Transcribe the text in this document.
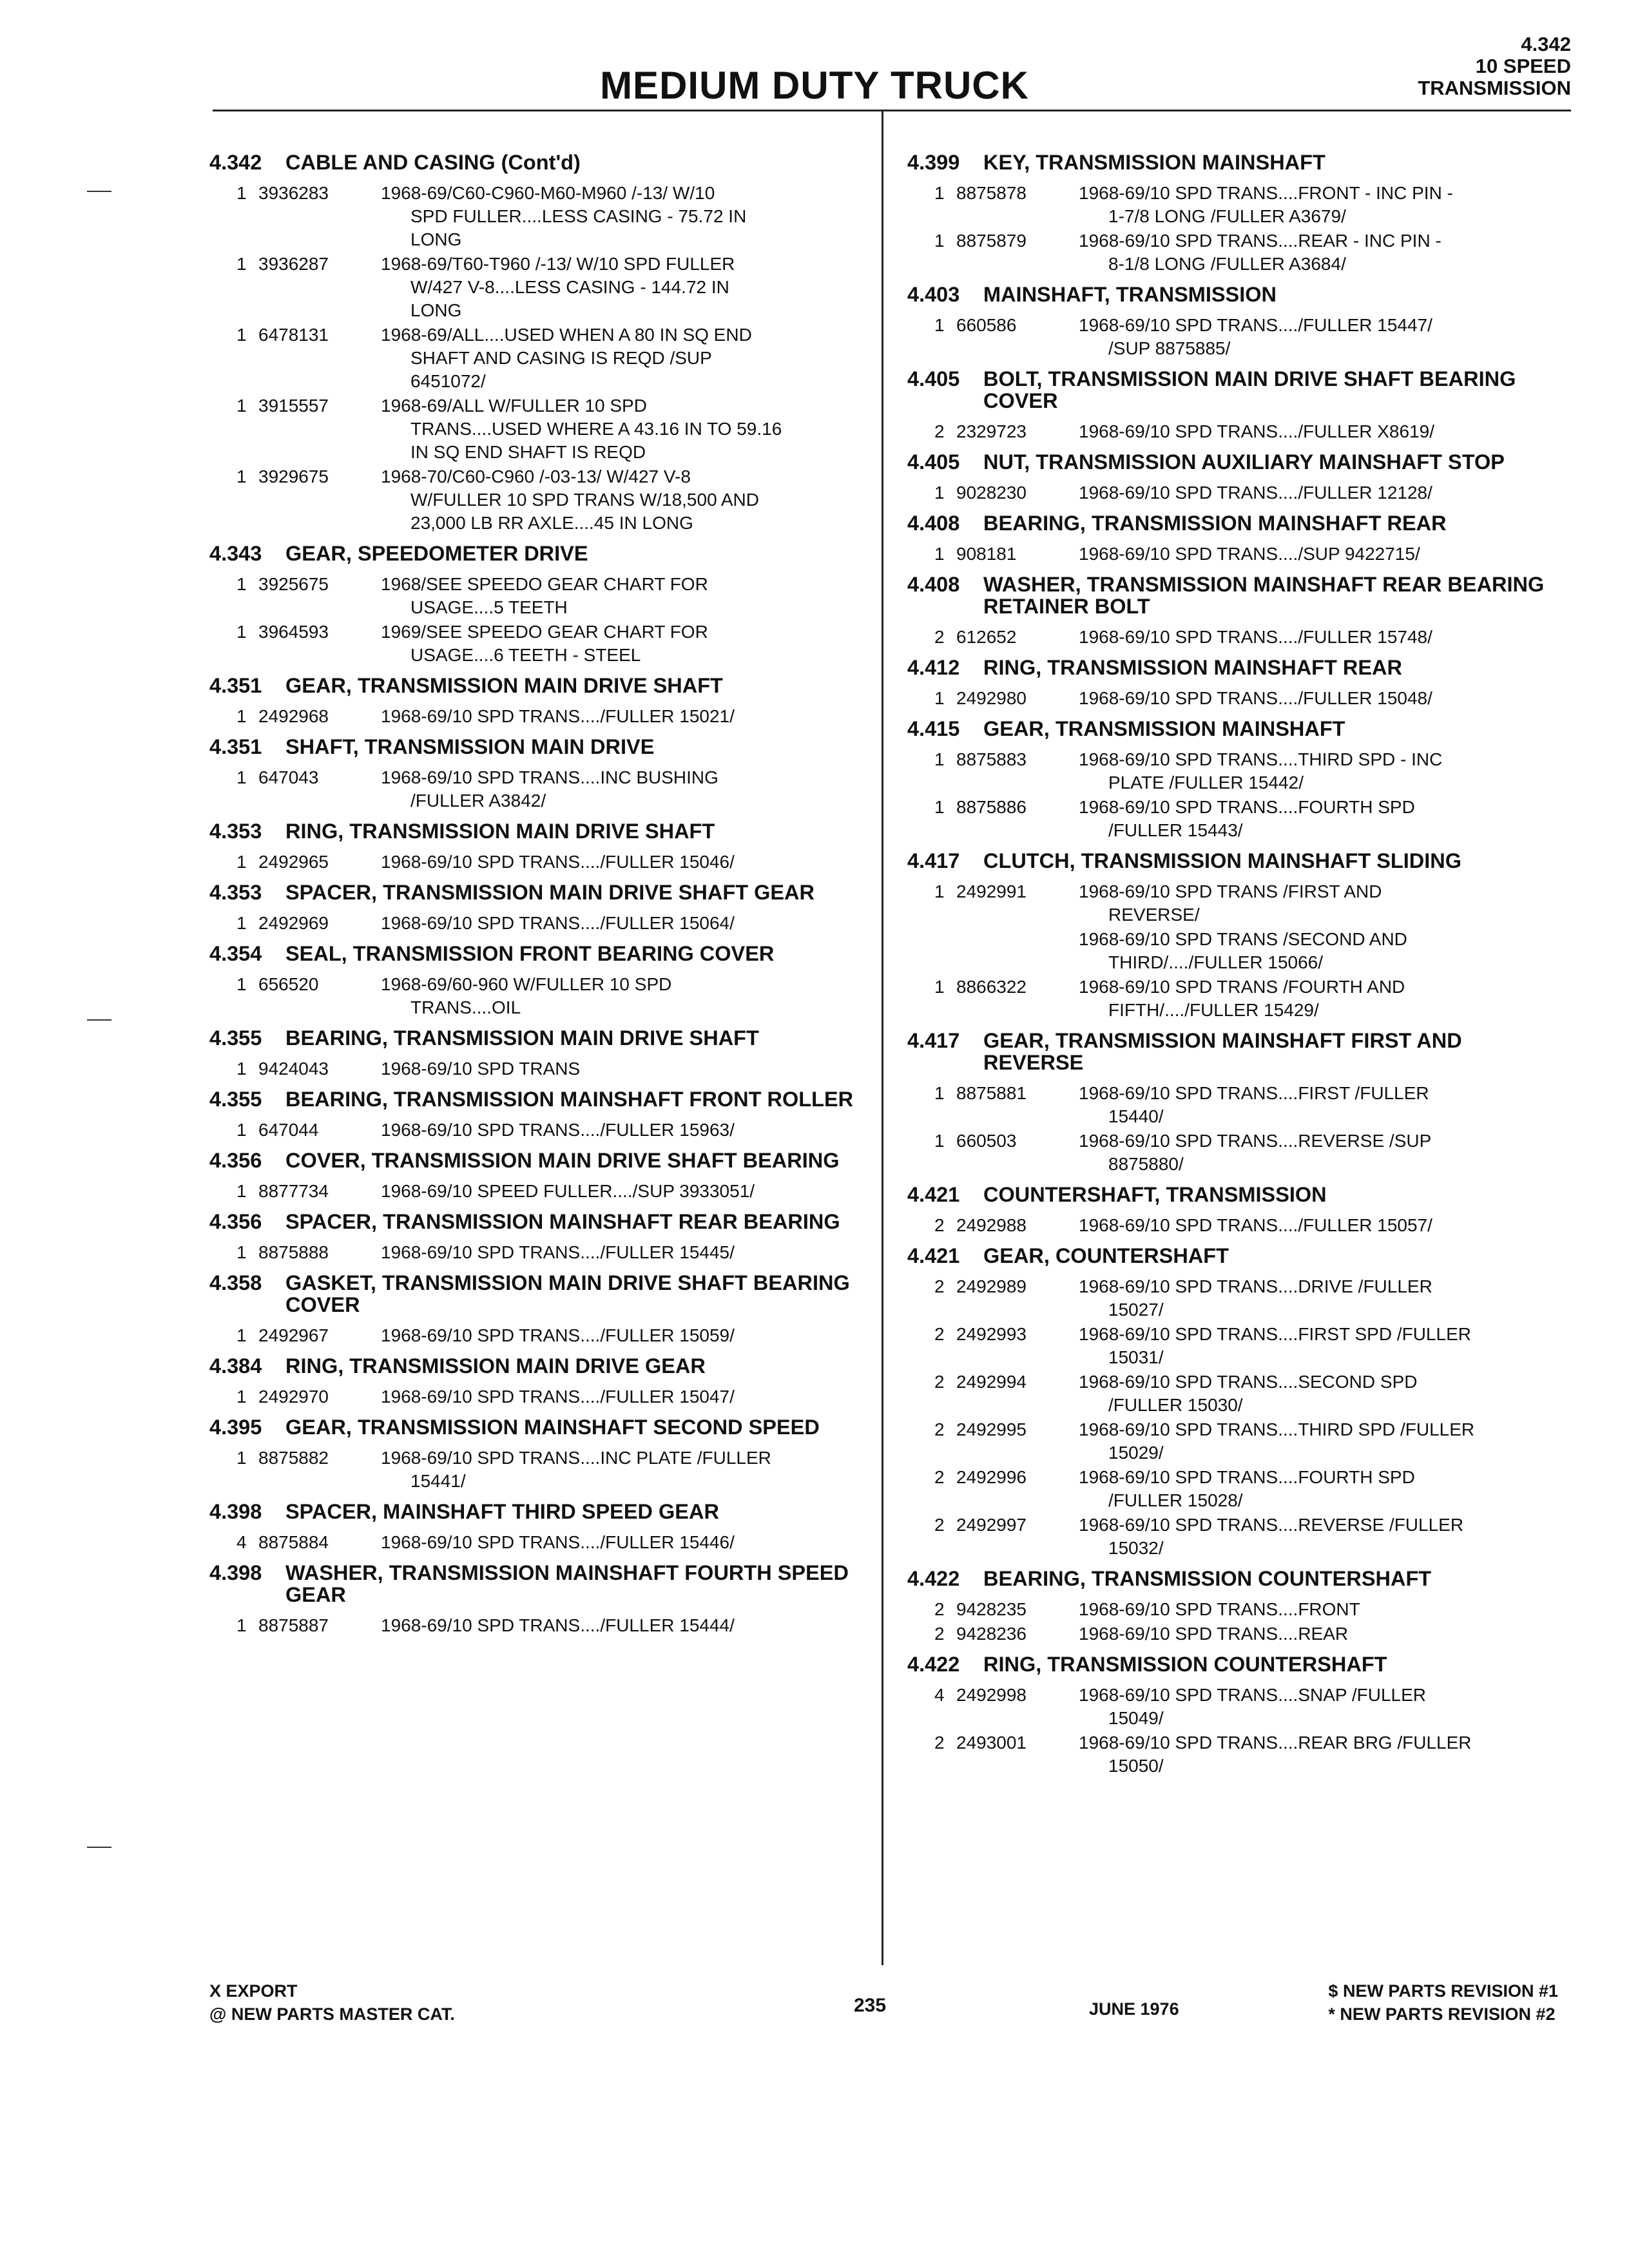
MEDIUM DUTY TRUCK
4.342
10 SPEED
TRANSMISSION
4.342	CABLE AND CASING (Cont'd)
1 3936283	1968-69/C60-C960-M60-M960 /-13/ W/10
SPD FULLER....LESS CASING - 75.72 IN
LONG
1 3936287	1968-69/T60-T960 /-13/ W/10 SPD FULLER
W/427 V-8....LESS CASING - 144.72 IN
LONG
1 6478131	1968-69/ALL....USED WHEN A 80 IN SQ END
SHAFT AND CASING IS REQD /SUP
6451072/
1 3915557	1968-69/ALL W/FULLER 10 SPD
TRANS....USED WHERE A 43.16 IN TO 59.16
IN SQ END SHAFT IS REQD
1 3929675	1968-70/C60-C960 /-03-13/ W/427 V-8
W/FULLER 10 SPD TRANS W/18,500 AND
23,000 LB RR AXLE....45 IN LONG
4.343	GEAR, SPEEDOMETER DRIVE
1 3925675	1968/SEE SPEEDO GEAR CHART FOR
USAGE....5 TEETH
1 3964593	1969/SEE SPEEDO GEAR CHART FOR
USAGE....6 TEETH - STEEL
4.351	GEAR, TRANSMISSION MAIN DRIVE SHAFT
1 2492968	1968-69/10 SPD TRANS..../FULLER 15021/
4.351	SHAFT, TRANSMISSION MAIN DRIVE
1 647043	1968-69/10 SPD TRANS....INC BUSHING
/FULLER A3842/
4.353	RING, TRANSMISSION MAIN DRIVE SHAFT
1 2492965	1968-69/10 SPD TRANS..../FULLER 15046/
4.353	SPACER, TRANSMISSION MAIN DRIVE SHAFT GEAR
1 2492969	1968-69/10 SPD TRANS..../FULLER 15064/
4.354	SEAL, TRANSMISSION FRONT BEARING COVER
1 656520	1968-69/60-960 W/FULLER 10 SPD
TRANS....OIL
4.355	BEARING, TRANSMISSION MAIN DRIVE SHAFT
1 9424043	1968-69/10 SPD TRANS
4.355	BEARING, TRANSMISSION MAINSHAFT FRONT ROLLER
1 647044	1968-69/10 SPD TRANS..../FULLER 15963/
4.356	COVER, TRANSMISSION MAIN DRIVE SHAFT BEARING
1 8877734	1968-69/10 SPEED FULLER..../SUP 3933051/
4.356	SPACER, TRANSMISSION MAINSHAFT REAR BEARING
1 8875888	1968-69/10 SPD TRANS..../FULLER 15445/
4.358	GASKET, TRANSMISSION MAIN DRIVE SHAFT BEARING COVER
1 2492967	1968-69/10 SPD TRANS..../FULLER 15059/
4.384	RING, TRANSMISSION MAIN DRIVE GEAR
1 2492970	1968-69/10 SPD TRANS..../FULLER 15047/
4.395	GEAR, TRANSMISSION MAINSHAFT SECOND SPEED
1 8875882	1968-69/10 SPD TRANS....INC PLATE /FULLER
15441/
4.398	SPACER, MAINSHAFT THIRD SPEED GEAR
4 8875884	1968-69/10 SPD TRANS..../FULLER 15446/
4.398	WASHER, TRANSMISSION MAINSHAFT FOURTH SPEED GEAR
1 8875887	1968-69/10 SPD TRANS..../FULLER 15444/
4.399	KEY, TRANSMISSION MAINSHAFT
1 8875878	1968-69/10 SPD TRANS....FRONT - INC PIN -
1-7/8 LONG /FULLER A3679/
1 8875879	1968-69/10 SPD TRANS....REAR - INC PIN -
8-1/8 LONG /FULLER A3684/
4.403	MAINSHAFT, TRANSMISSION
1 660586	1968-69/10 SPD TRANS..../FULLER 15447/
/SUP 8875885/
4.405	BOLT, TRANSMISSION MAIN DRIVE SHAFT BEARING COVER
2 2329723	1968-69/10 SPD TRANS..../FULLER X8619/
4.405	NUT, TRANSMISSION AUXILIARY MAINSHAFT STOP
1 9028230	1968-69/10 SPD TRANS..../FULLER 12128/
4.408	BEARING, TRANSMISSION MAINSHAFT REAR
1 908181	1968-69/10 SPD TRANS..../SUP 9422715/
4.408	WASHER, TRANSMISSION MAINSHAFT REAR BEARING RETAINER BOLT
2 612652	1968-69/10 SPD TRANS..../FULLER 15748/
4.412	RING, TRANSMISSION MAINSHAFT REAR
1 2492980	1968-69/10 SPD TRANS..../FULLER 15048/
4.415	GEAR, TRANSMISSION MAINSHAFT
1 8875883	1968-69/10 SPD TRANS....THIRD SPD - INC
PLATE /FULLER 15442/
1 8875886	1968-69/10 SPD TRANS....FOURTH SPD
/FULLER 15443/
4.417	CLUTCH, TRANSMISSION MAINSHAFT SLIDING
1 2492991	1968-69/10 SPD TRANS /FIRST AND
REVERSE/
1968-69/10 SPD TRANS /SECOND AND
THIRD/..../FULLER 15066/
1 8866322	1968-69/10 SPD TRANS /FOURTH AND
FIFTH/..../FULLER 15429/
4.417	GEAR, TRANSMISSION MAINSHAFT FIRST AND REVERSE
1 8875881	1968-69/10 SPD TRANS....FIRST /FULLER
15440/
1 660503	1968-69/10 SPD TRANS....REVERSE /SUP
8875880/
4.421	COUNTERSHAFT, TRANSMISSION
2 2492988	1968-69/10 SPD TRANS..../FULLER 15057/
4.421	GEAR, COUNTERSHAFT
2 2492989	1968-69/10 SPD TRANS....DRIVE /FULLER
15027/
2 2492993	1968-69/10 SPD TRANS....FIRST SPD /FULLER
15031/
2 2492994	1968-69/10 SPD TRANS....SECOND SPD
/FULLER 15030/
2 2492995	1968-69/10 SPD TRANS....THIRD SPD /FULLER
15029/
2 2492996	1968-69/10 SPD TRANS....FOURTH SPD
/FULLER 15028/
2 2492997	1968-69/10 SPD TRANS....REVERSE /FULLER
15032/
4.422	BEARING, TRANSMISSION COUNTERSHAFT
2 9428235	1968-69/10 SPD TRANS....FRONT
2 9428236	1968-69/10 SPD TRANS....REAR
4.422	RING, TRANSMISSION COUNTERSHAFT
4 2492998	1968-69/10 SPD TRANS....SNAP /FULLER
15049/
2 2493001	1968-69/10 SPD TRANS....REAR BRG /FULLER
15050/
X EXPORT
@ NEW PARTS MASTER CAT.	235	JUNE 1976
$ NEW PARTS REVISION #1
* NEW PARTS REVISION #2
